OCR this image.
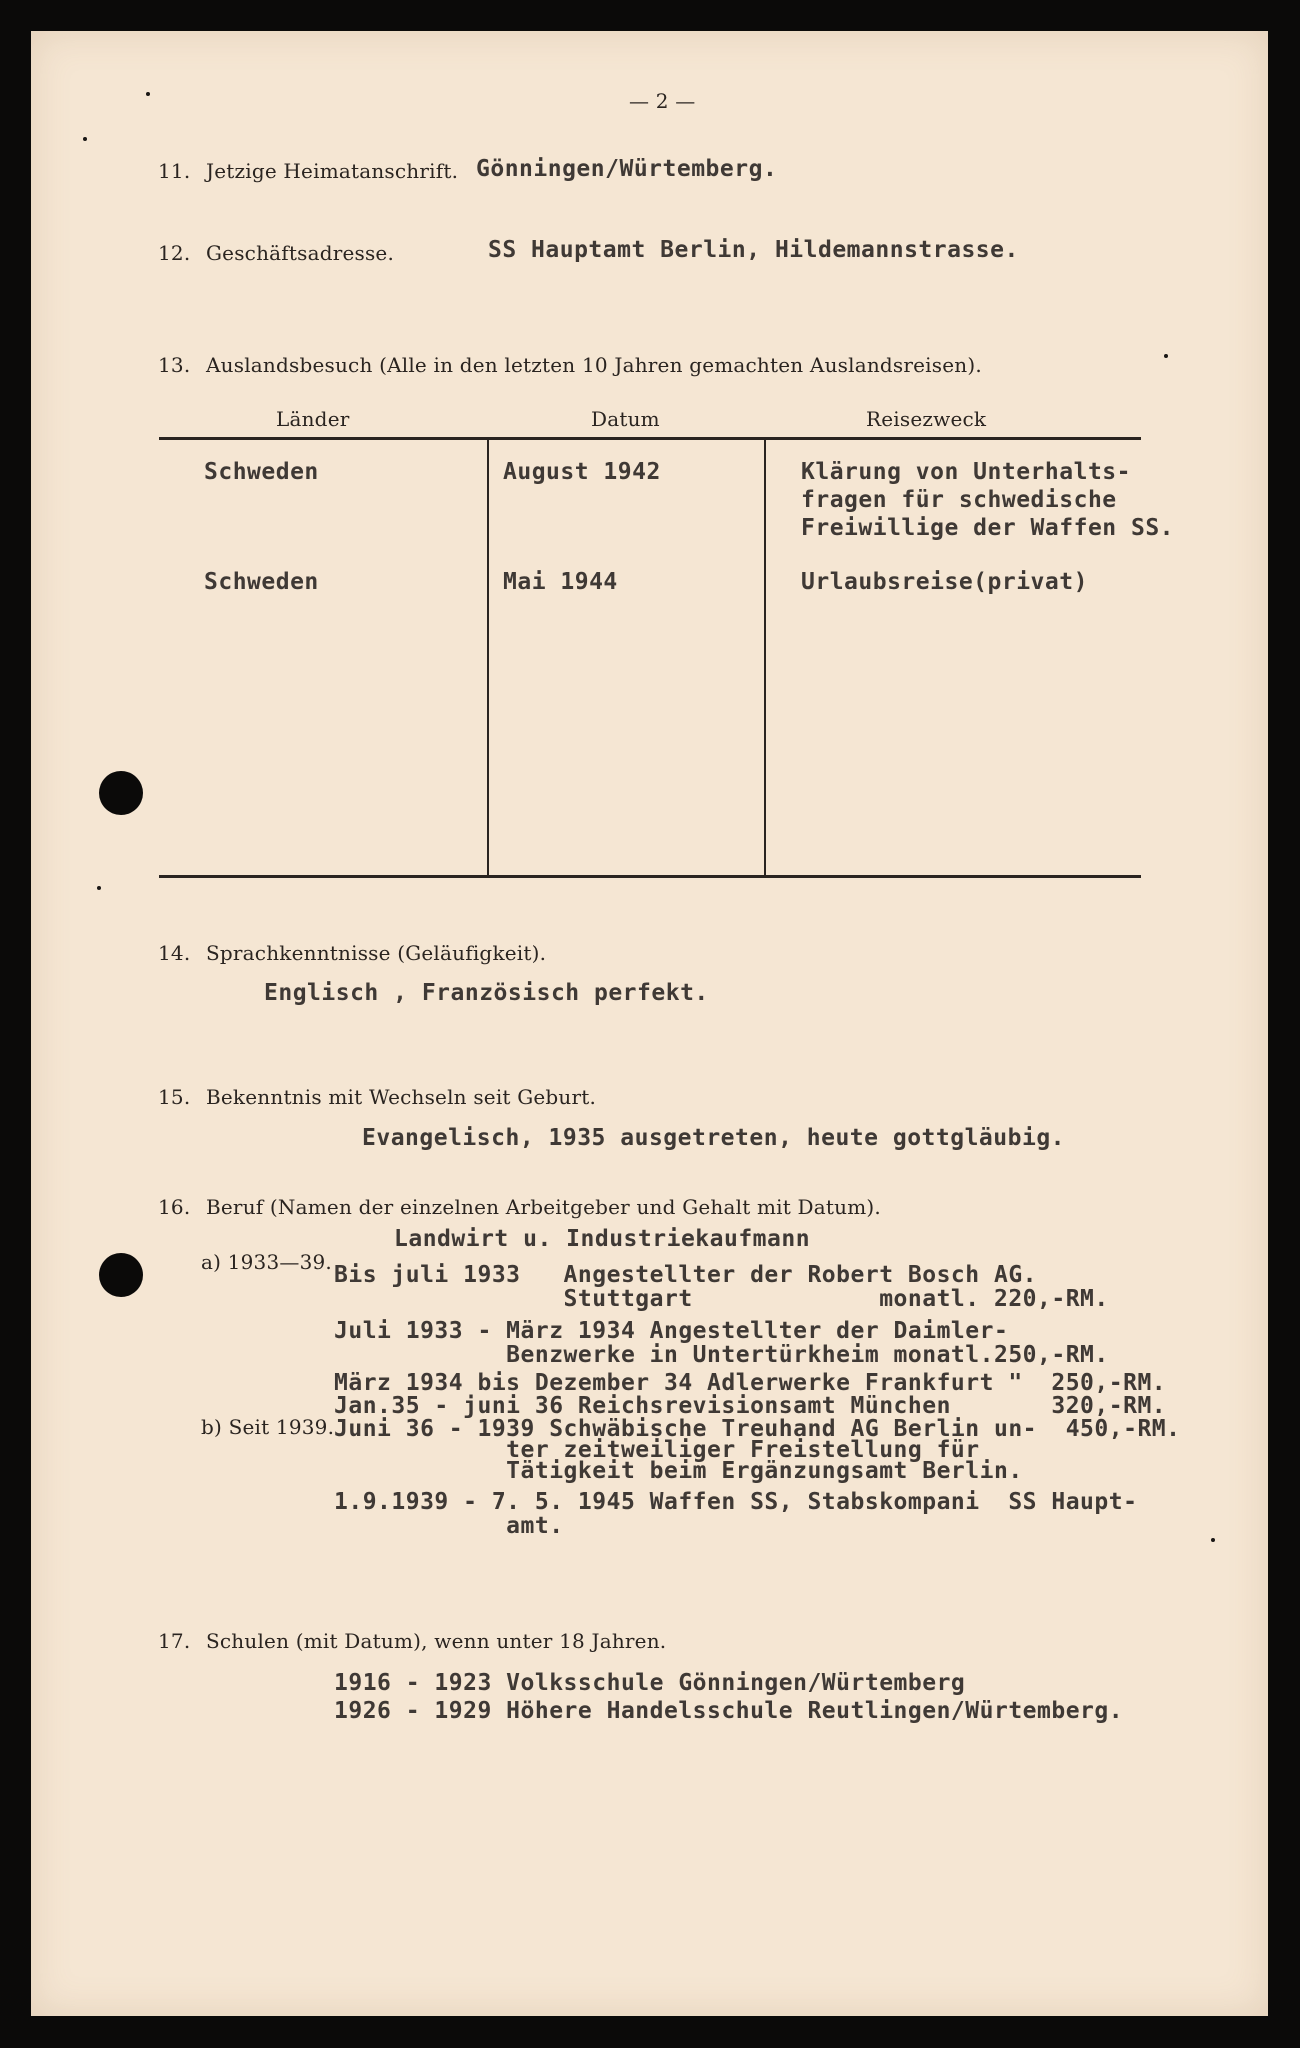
— 2 —
11. Jetzige Heimatanschrift. Gönningen/Würtemberg.
12. Geschäftsadresse.	SS Hauptamt Berlin, Hildemannstrasse.
13. Auslandsbesuch (Alle in den letzten 10 Jahren gemachten Auslandsreisen).
Länder	Datum	Reisezweck
Schweden	August 1942	Klärung von Unterhalts-
fragen für schwedische
Freiwillige der Waffen SS.
Schweden	Mai 1944	Urlaubsreise(privat)
14. Sprachkenntnisse (Geläufigkeit).
Englisch , Französisch perfekt.
15. Bekenntnis mit Wechseln seit Geburt.
Evangelisch, 1935 ausgetreten, heute gottgläubig.
16. Beruf (Namen der einzelnen Arbeitgeber und Gehalt mit Datum).
a) 1933—39.
b) Seit 1939.
Landwirt u. Industriekaufmann
Bis juli 1933   Angestellter der Robert Bosch AG.
Stuttgart             monatl. 220,-RM.
Juli 1933 - März 1934 Angestellter der Daimler-
Benzwerke in Untertürkheim monatl.250,-RM.
März 1934 bis Dezember 34 Adlerwerke Frankfurt "  250,-RM.
Jan.35 - juni 36 Reichsrevisionsamt München       320,-RM.
Juni 36 - 1939 Schwäbische Treuhand AG Berlin un-  450,-RM.
ter zeitweiliger Freistellung für
Tätigkeit beim Ergänzungsamt Berlin.
1.9.1939 - 7. 5. 1945 Waffen SS, Stabskompani  SS Haupt-
amt.
17. Schulen (mit Datum), wenn unter 18 Jahren.
1916 - 1923 Volksschule Gönningen/Würtemberg
1926 - 1929 Höhere Handelsschule Reutlingen/Würtemberg.
